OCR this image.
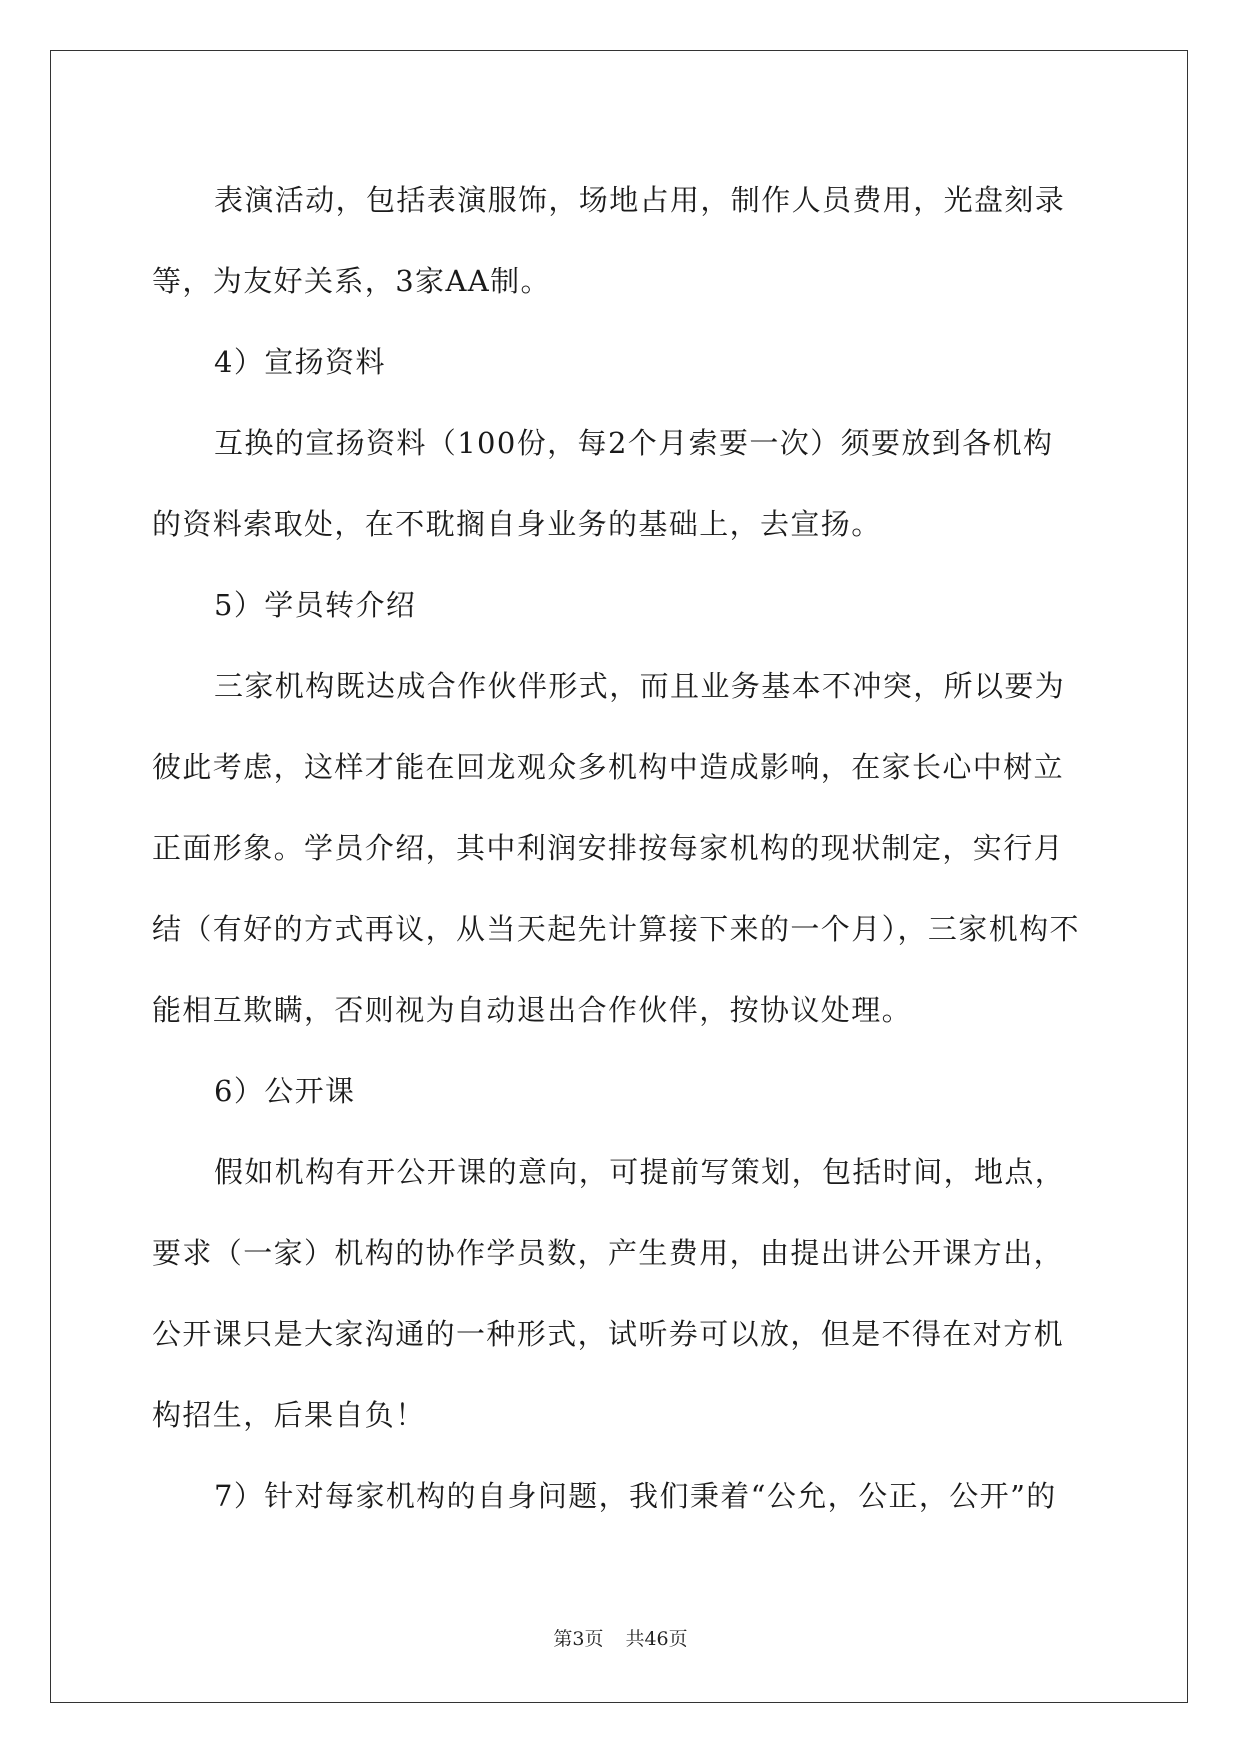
表演活动，包括表演服饰，场地占用，制作人员费用，光盘刻录
等，为友好关系，3家AA制。
4）宣扬资料
互换的宣扬资料（100份，每2个月索要一次）须要放到各机构
的资料索取处，在不耽搁自身业务的基础上，去宣扬。
5）学员转介绍
三家机构既达成合作伙伴形式，而且业务基本不冲突，所以要为
彼此考虑，这样才能在回龙观众多机构中造成影响，在家长心中树立
正面形象。学员介绍，其中利润安排按每家机构的现状制定，实行月
结（有好的方式再议，从当天起先计算接下来的一个月），三家机构不
能相互欺瞒，否则视为自动退出合作伙伴，按协议处理。
6）公开课
假如机构有开公开课的意向，可提前写策划，包括时间，地点，
要求（一家）机构的协作学员数，产生费用，由提出讲公开课方出，
公开课只是大家沟通的一种形式，试听券可以放，但是不得在对方机
构招生，后果自负！
7）针对每家机构的自身问题，我们秉着“公允，公正，公开”的
第3页 共46页
